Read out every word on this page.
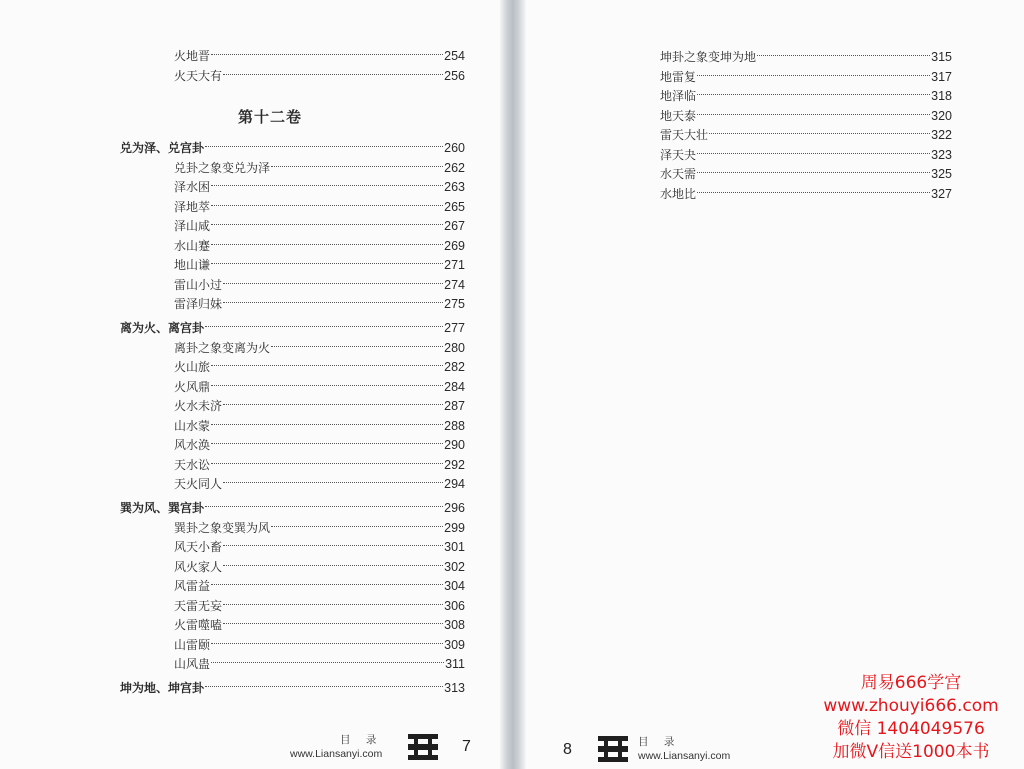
火地晋	254
火天大有	256
兑为泽、兑宫卦	260
兑卦之象变兑为泽	262
泽水困	263
泽地萃	265
泽山咸	267
水山蹇	269
地山谦	271
雷山小过	274
雷泽归妹	275
离为火、离宫卦	277
离卦之象变离为火	280
火山旅	282
火风鼎	284
火水未济	287
山水蒙	288
风水涣	290
天水讼	292
天火同人	294
巽为风、巽宫卦	296
巽卦之象变巽为风	299
风天小畜	301
风火家人	302
风雷益	304
天雷无妄	306
火雷噬嗑	308
山雷颐	309
山风蛊	311
坤为地、坤宫卦	313
第十二卷
目 录
www.Liansanyi.com	7
坤卦之象变坤为地	315
地雷复	317
地泽临	318
地天泰	320
雷天大壮	322
泽天夬	323
水天需	325
水地比	327
8	目 录
www.Liansanyi.com
周易666学宫
www.zhouyi666.com
微信 1404049576
加微V信送1000本书
